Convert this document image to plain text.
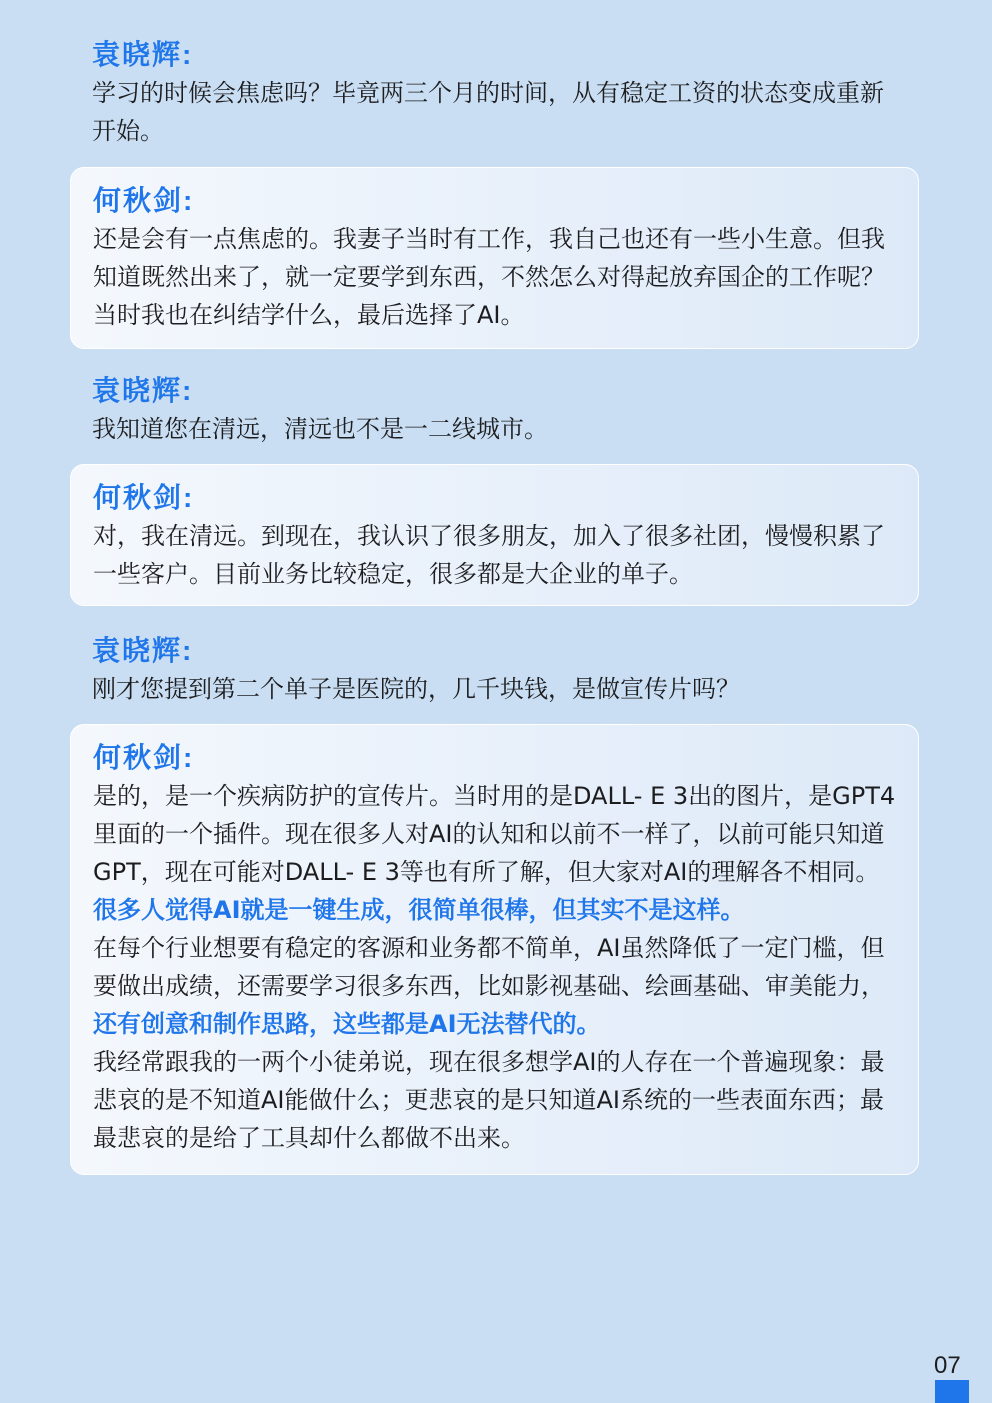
袁晓辉:

学习的时候会焦虑吗？毕竟两三个月的时间，从有稳定工资的状态变成重新开始。

何秋剑:

还是会有一点焦虑的。我妻子当时有工作，我自己也还有一些小生意。但我知道既然出来了，就一定要学到东西，不然怎么对得起放弃国企的工作呢？当时我也在纠结学什么，最后选择了AI。

袁晓辉:

我知道您在清远，清远也不是一二线城市。

何秋剑:

对，我在清远。到现在，我认识了很多朋友，加入了很多社团，慢慢积累了一些客户。目前业务比较稳定，很多都是大企业的单子。

袁晓辉:

刚才您提到第二个单子是医院的，几千块钱，是做宣传片吗？

何秋剑:

是的，是一个疾病防护的宣传片。当时用的是DALL- E 3出的图片，是GPT4里面的一个插件。现在很多人对AI的认知和以前不一样了，以前可能只知道GPT，现在可能对DALL- E 3等也有所了解，但大家对AI的理解各不相同。很多人觉得AI就是一键生成，很简单很棒，但其实不是这样。

在每个行业想要有稳定的客源和业务都不简单，AI虽然降低了一定门槛，但要做出成绩，还需要学习很多东西，比如影视基础、绘画基础、审美能力，还有创意和制作思路，这些都是AI无法替代的。

我经常跟我的一两个小徒弟说，现在很多想学AI的人存在一个普遍现象：最悲哀的是不知道AI能做什么；更悲哀的是只知道AI系统的一些表面东西；最最悲哀的是给了工具却什么都做不出来。

07
